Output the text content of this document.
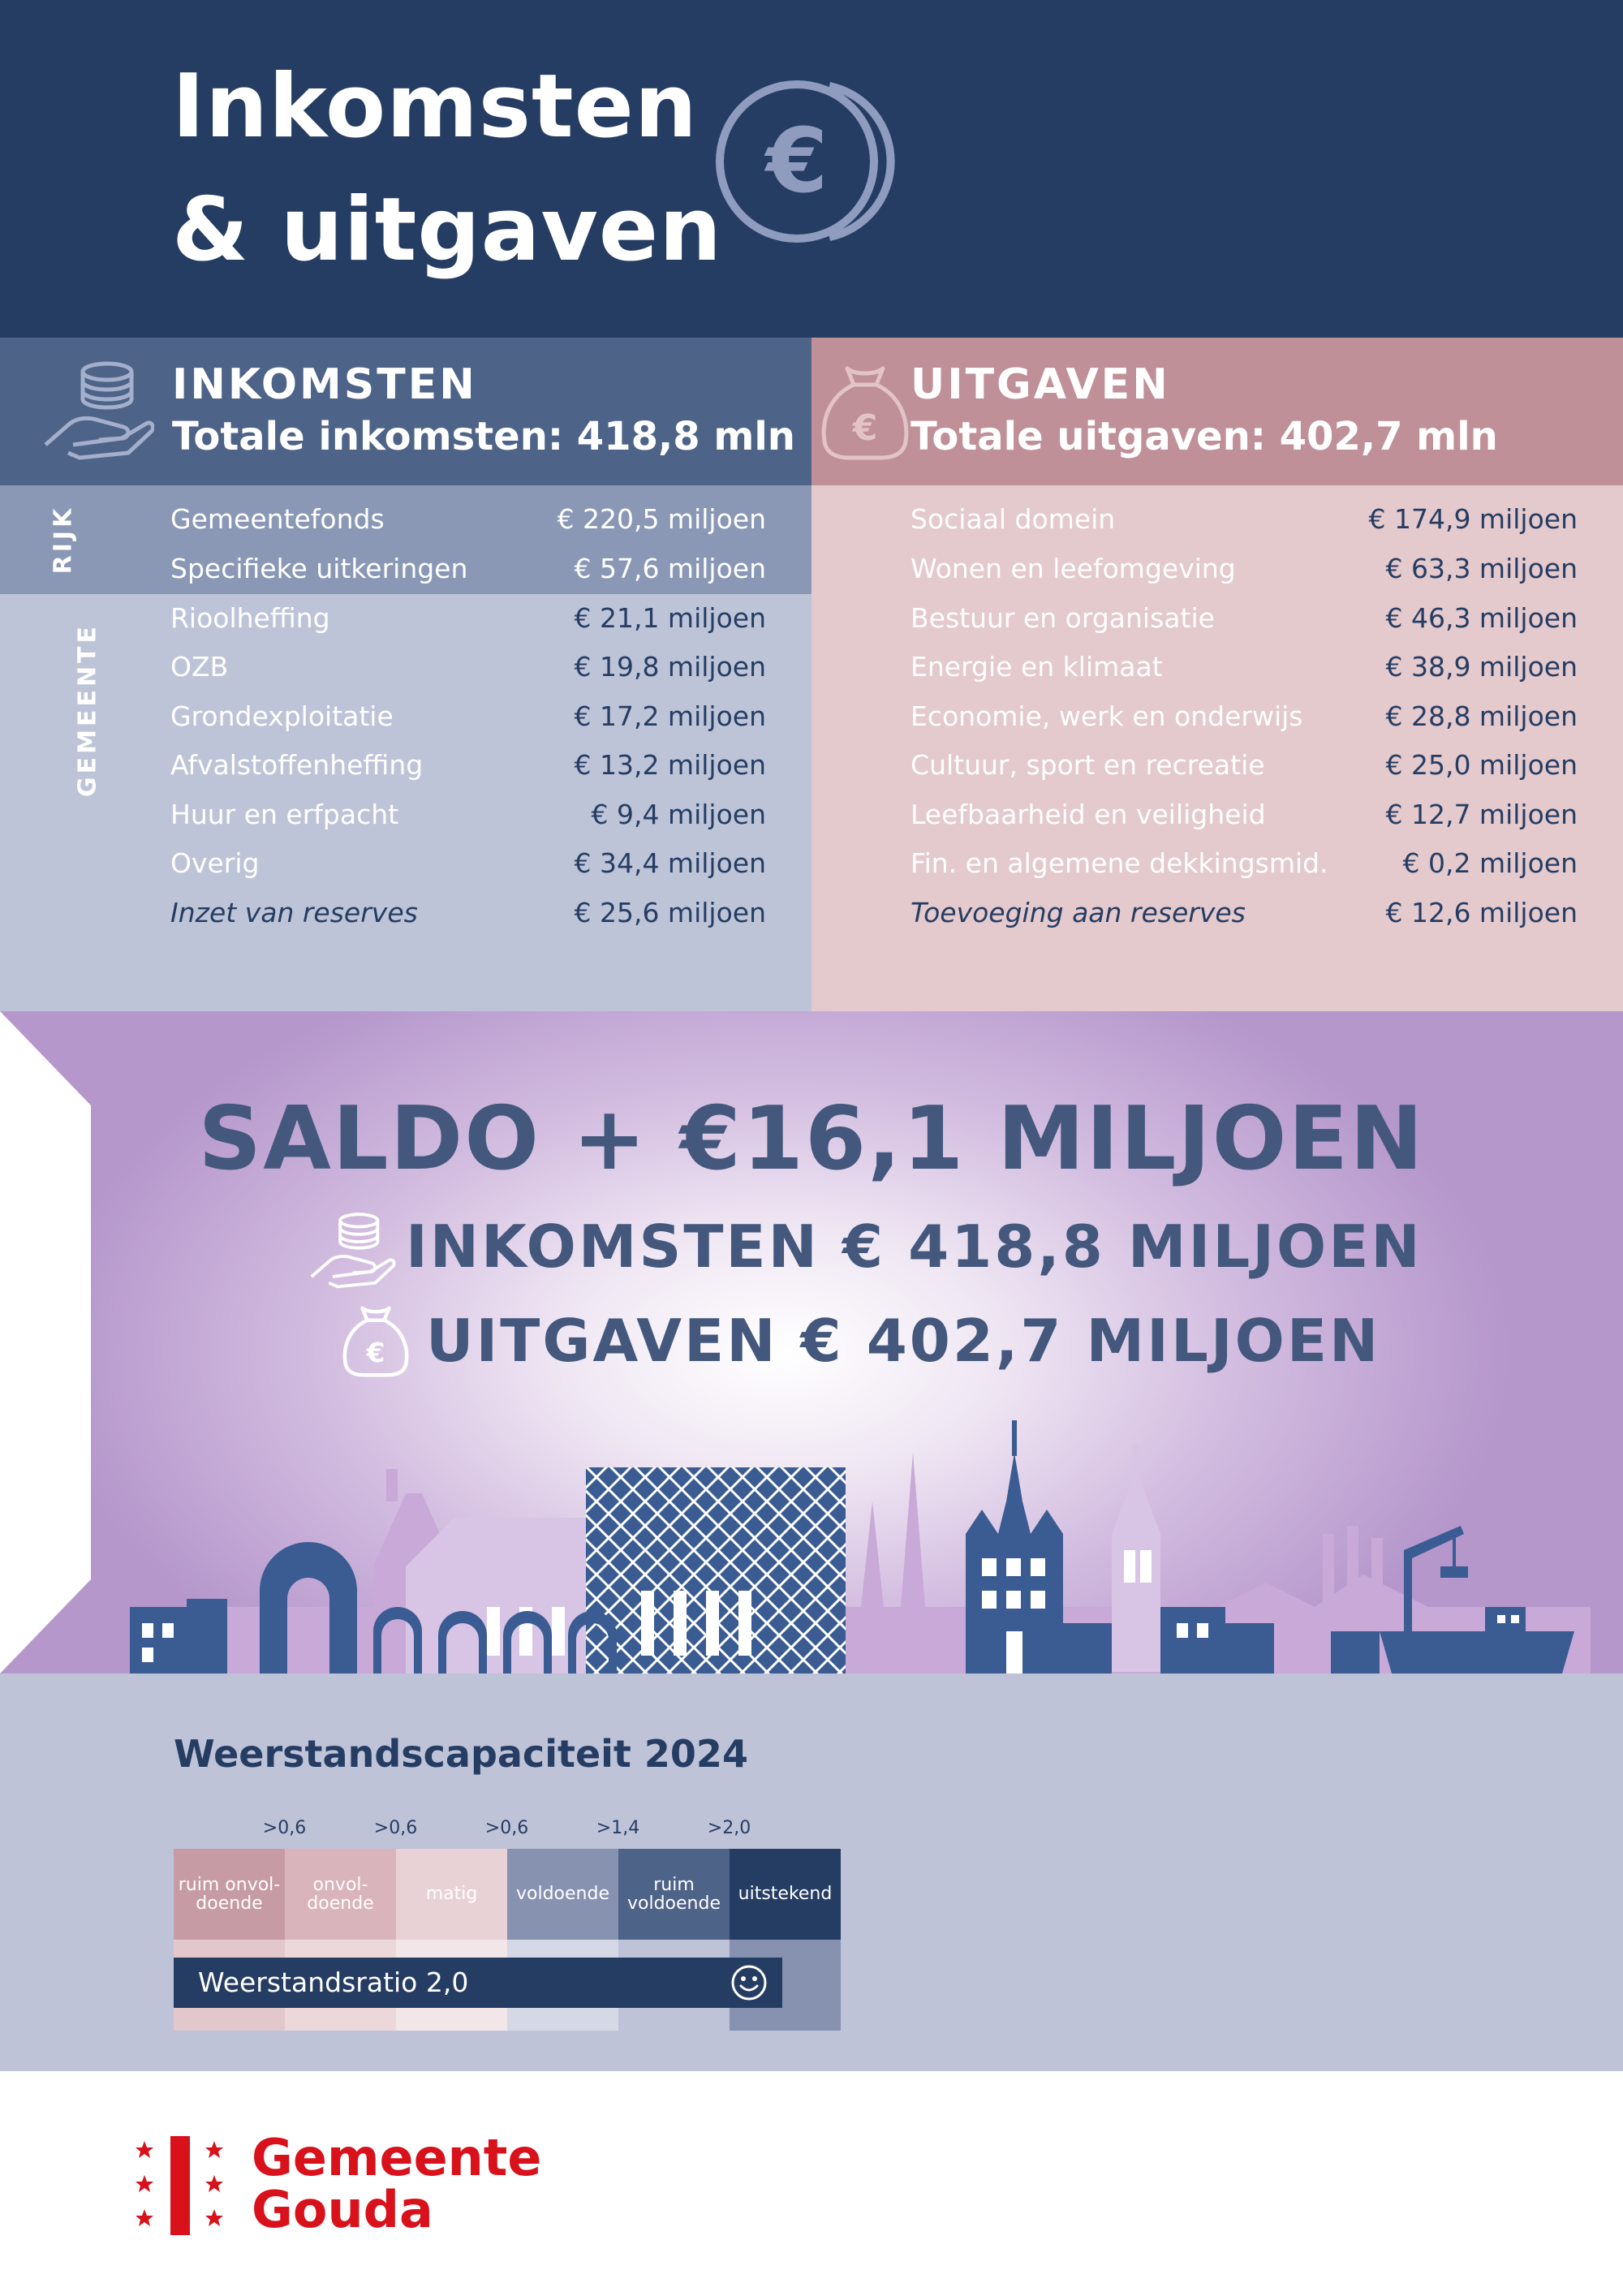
Inkomsten
& uitgaven
€
INKOMSTEN
Totale inkomsten: 418,8 mln €
UITGAVEN
Totale uitgaven: 402,7 mln
RIJK
GEMEENTE
Gemeentefonds	€ 220,5 miljoen
Specifieke uitkeringen	€ 57,6 miljoen
Rioolheffing	€ 21,1 miljoen
OZB	€ 19,8 miljoen
Grondexploitatie	€ 17,2 miljoen
Afvalstoffenheffing	€ 13,2 miljoen
Huur en erfpacht	€ 9,4 miljoen
Overig	€ 34,4 miljoen
Inzet van reserves	€ 25,6 miljoen
Sociaal domein	€ 174,9 miljoen
Wonen en leefomgeving	€ 63,3 miljoen
Bestuur en organisatie	€ 46,3 miljoen
Energie en klimaat	€ 38,9 miljoen
Economie, werk en onderwijs	€ 28,8 miljoen
Cultuur, sport en recreatie	€ 25,0 miljoen
Leefbaarheid en veiligheid	€ 12,7 miljoen
Fin. en algemene dekkingsmid.	€ 0,2 miljoen
Toevoeging aan reserves	€ 12,6 miljoen
SALDO + €16,1 MILJOEN
INKOMSTEN € 418,8 MILJOEN
€ UITGAVEN € 402,7 MILJOEN
Weerstandscapaciteit 2024
>0,6	>0,6	>0,6	>1,4	>2,0
ruim onvol-doende
onvol-doende	matig	voldoende	ruim voldoende uitstekend
Weerstandsratio 2,0
Gemeente
Gouda
